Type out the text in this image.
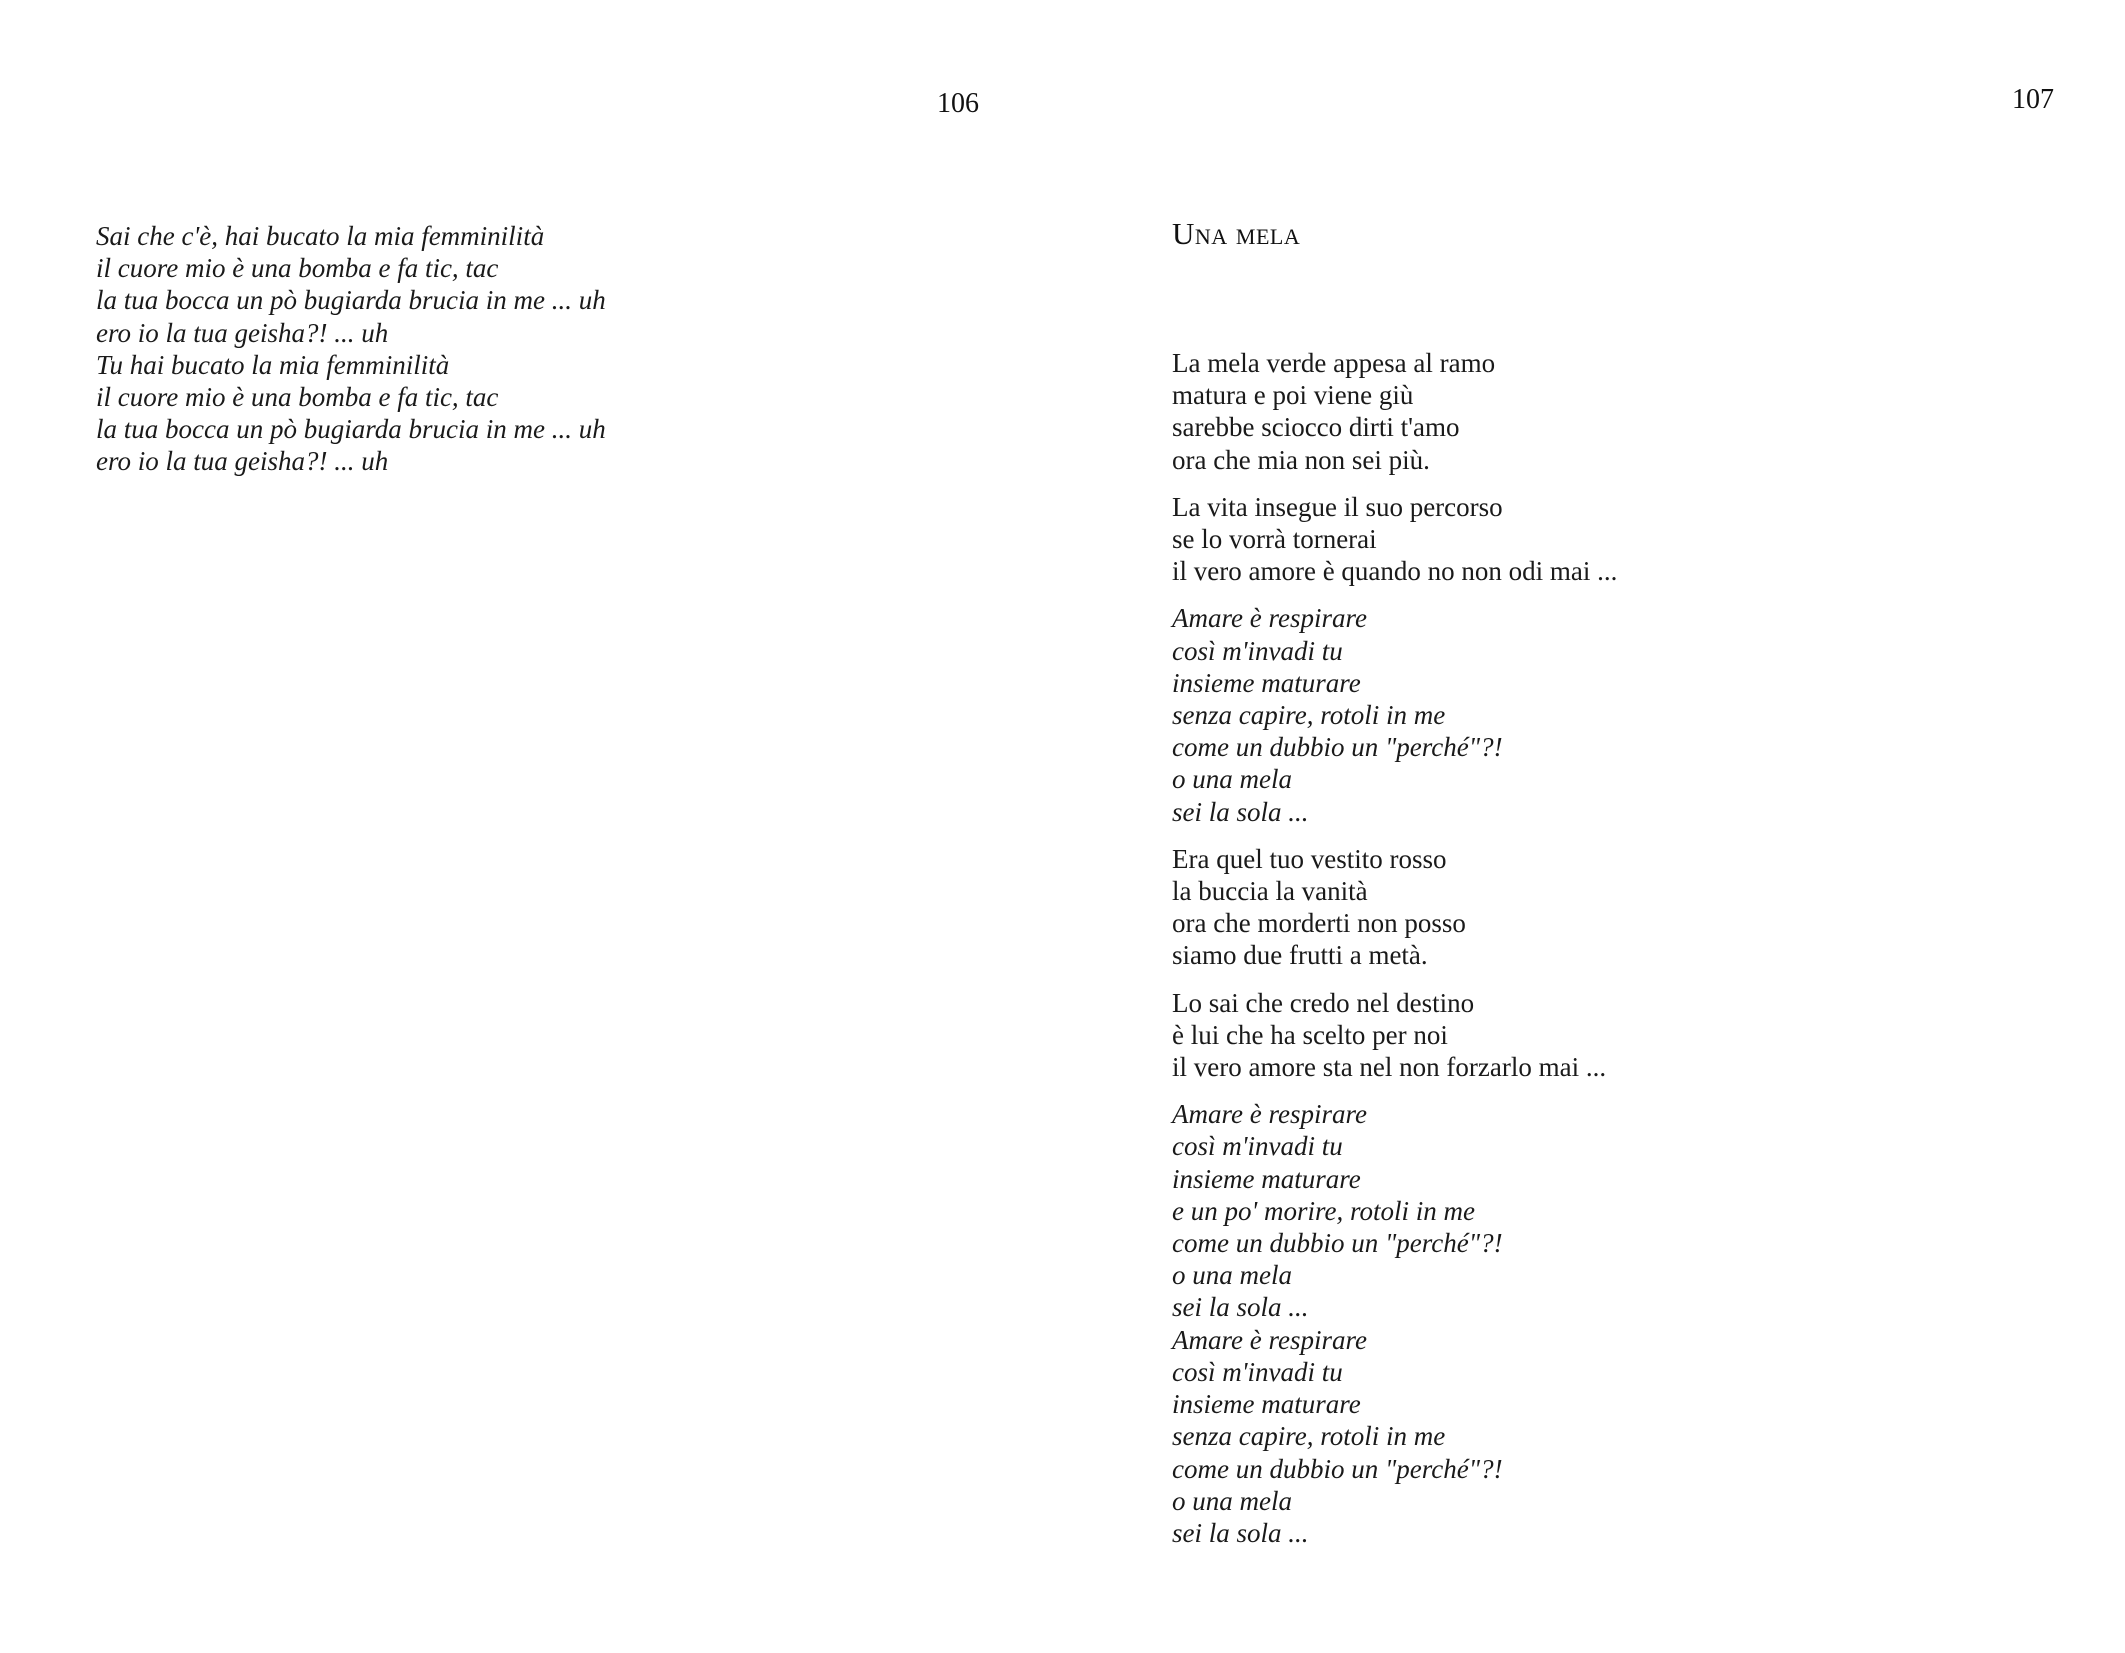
106
Sai che c'è, hai bucato la mia femminilità
il cuore mio è una bomba e fa tic, tac
la tua bocca un pò bugiarda brucia in me ... uh
ero io la tua geisha?! ... uh
Tu hai bucato la mia femminilità
il cuore mio è una bomba e fa tic, tac
la tua bocca un pò bugiarda brucia in me ... uh
ero io la tua geisha?! ... uh
107
Una mela
La mela verde appesa al ramo
matura e poi viene giù
sarebbe sciocco dirti t'amo
ora che mia non sei più.
La vita insegue il suo percorso
se lo vorrà tornerai
il vero amore è quando no non odi mai ...
Amare è respirare
così m'invadi tu
insieme maturare
senza capire, rotoli in me
come un dubbio un "perché"?!
o una mela
sei la sola ...
Era quel tuo vestito rosso
la buccia la vanità
ora che morderti non posso
siamo due frutti a metà.
Lo sai che credo nel destino
è lui che ha scelto per noi
il vero amore sta nel non forzarlo mai ...
Amare è respirare
così m'invadi tu
insieme maturare
e un po' morire, rotoli in me
come un dubbio un "perché"?!
o una mela
sei la sola ...
Amare è respirare
così m'invadi tu
insieme maturare
senza capire, rotoli in me
come un dubbio un "perché"?!
o una mela
sei la sola ...
